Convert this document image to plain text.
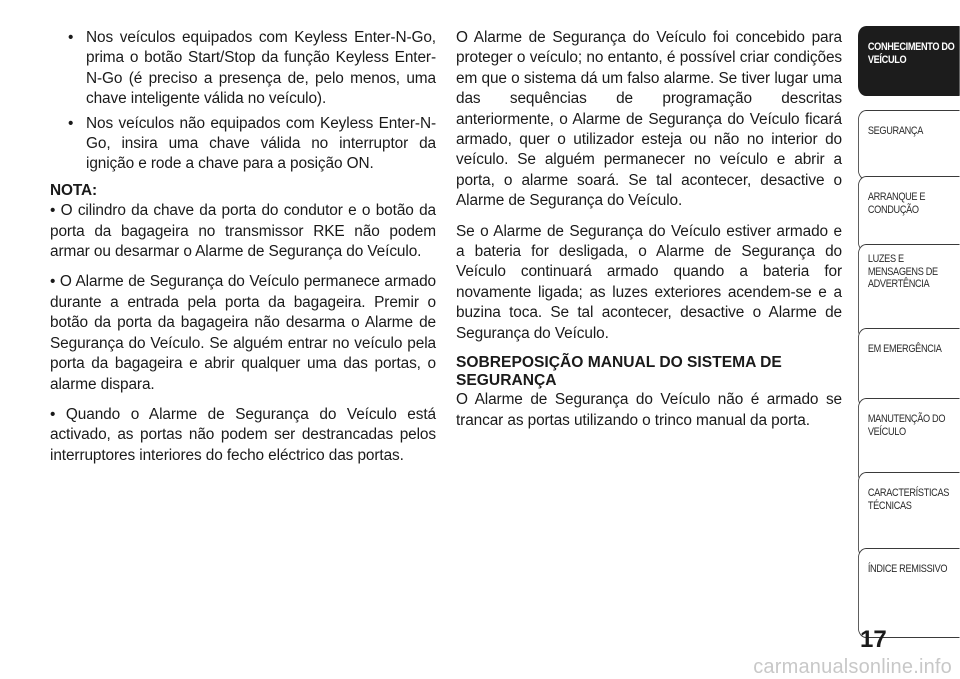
• Nos veículos equipados com Keyless Enter-N-Go, prima o botão Start/Stop da função Keyless Enter-N-Go (é preciso a presença de, pelo menos, uma chave inteligente válida no veículo).

• Nos veículos não equipados com Keyless Enter-N-Go, insira uma chave válida no interruptor da ignição e rode a chave para a posição ON.

NOTA:

• O cilindro da chave da porta do condutor e o botão da porta da bagageira no transmissor RKE não podem armar ou desarmar o Alarme de Segurança do Veículo.

• O Alarme de Segurança do Veículo permanece armado durante a entrada pela porta da bagageira. Premir o botão da porta da bagageira não desarma o Alarme de Segurança do Veículo. Se alguém entrar no veículo pela porta da bagageira e abrir qualquer uma das portas, o alarme dispara.

• Quando o Alarme de Segurança do Veículo está activado, as portas não podem ser destrancadas pelos interruptores interiores do fecho eléctrico das portas.

O Alarme de Segurança do Veículo foi concebido para proteger o veículo; no entanto, é possível criar condições em que o sistema dá um falso alarme. Se tiver lugar uma das sequências de programação descritas anteriormente, o Alarme de Segurança do Veículo ficará armado, quer o utilizador esteja ou não no interior do veículo. Se alguém permanecer no veículo e abrir a porta, o alarme soará. Se tal acontecer, desactive o Alarme de Segurança do Veículo.

Se o Alarme de Segurança do Veículo estiver armado e a bateria for desligada, o Alarme de Segurança do Veículo continuará armado quando a bateria for novamente ligada; as luzes exteriores acendem-se e a buzina toca. Se tal acontecer, desactive o Alarme de Segurança do Veículo.

SOBREPOSIÇÃO MANUAL DO SISTEMA DE SEGURANÇA

O Alarme de Segurança do Veículo não é armado se trancar as portas utilizando o trinco manual da porta.

CONHECIMENTO DO VEÍCULO
SEGURANÇA
ARRANQUE E CONDUÇÃO
LUZES E MENSAGENS DE ADVERTÊNCIA
EM EMERGÊNCIA
MANUTENÇÃO DO VEÍCULO
CARACTERÍSTICAS TÉCNICAS
ÍNDICE REMISSIVO
17
carmanualsonline.info
